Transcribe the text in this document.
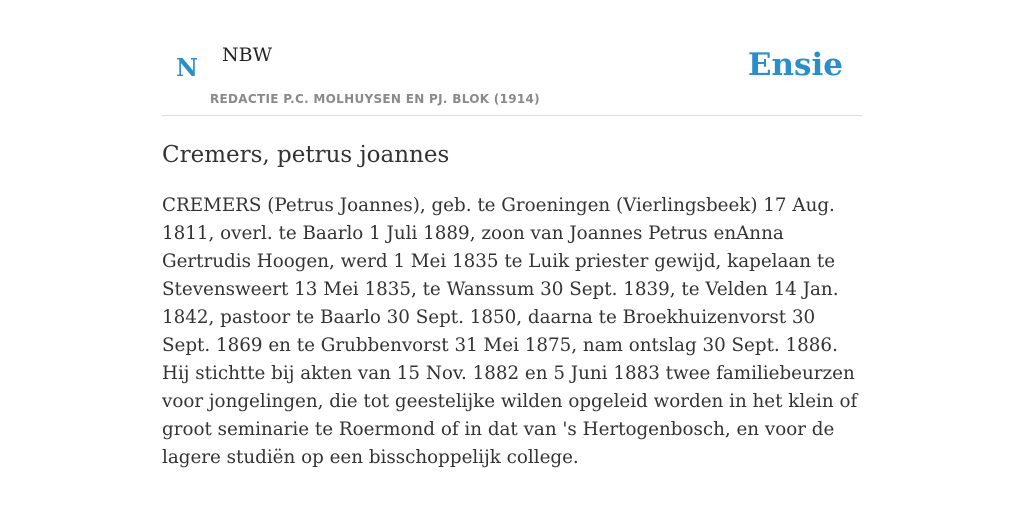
N NBW
REDACTIE P.C. MOLHUYSEN EN PJ. BLOK (1914)
Ensie
Cremers, petrus joannes

CREMERS (Petrus Joannes), geb. te Groeningen (Vierlingsbeek) 17 Aug. 1811, overl. te Baarlo 1 Juli 1889, zoon van Joannes Petrus enAnna Gertrudis Hoogen, werd 1 Mei 1835 te Luik priester gewijd, kapelaan te Stevensweert 13 Mei 1835, te Wanssum 30 Sept. 1839, te Velden 14 Jan. 1842, pastoor te Baarlo 30 Sept. 1850, daarna te Broekhuizenvorst 30 Sept. 1869 en te Grubbenvorst 31 Mei 1875, nam ontslag 30 Sept. 1886. Hij stichtte bij akten van 15 Nov. 1882 en 5 Juni 1883 twee familiebeurzen voor jongelingen, die tot geestelijke wilden opgeleid worden in het klein of groot seminarie te Roermond of in dat van 's Hertogenbosch, en voor de lagere studiën op een bisschoppelijk college.
